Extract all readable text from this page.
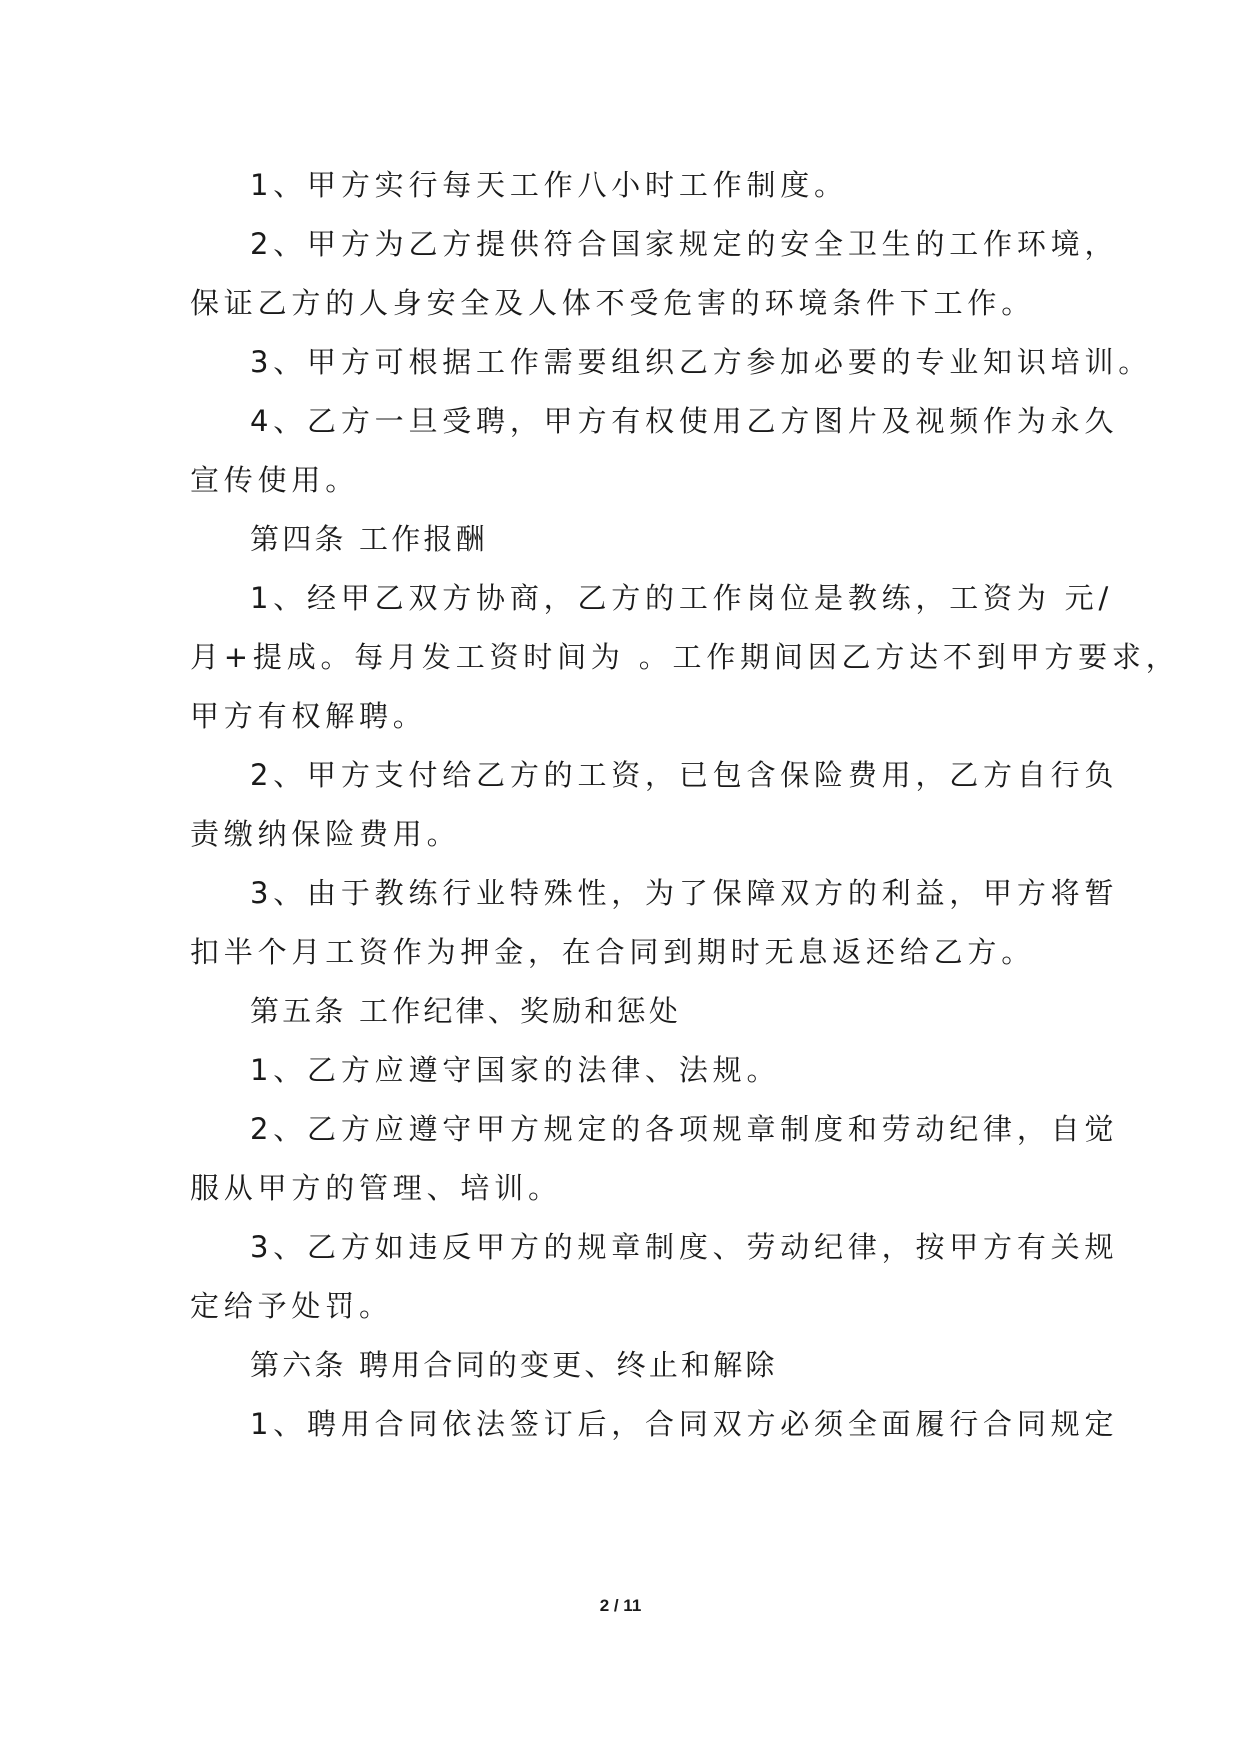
1、甲方实行每天工作八小时工作制度。
2、甲方为乙方提供符合国家规定的安全卫生的工作环境，
保证乙方的人身安全及人体不受危害的环境条件下工作。
3、甲方可根据工作需要组织乙方参加必要的专业知识培训。
4、乙方一旦受聘，甲方有权使用乙方图片及视频作为永久
宣传使用。
第四条 工作报酬
1、经甲乙双方协商，乙方的工作岗位是教练，工资为 元/
月+提成。每月发工资时间为 。工作期间因乙方达不到甲方要求，
甲方有权解聘。
2、甲方支付给乙方的工资，已包含保险费用，乙方自行负
责缴纳保险费用。
3、由于教练行业特殊性，为了保障双方的利益，甲方将暂
扣半个月工资作为押金，在合同到期时无息返还给乙方。
第五条 工作纪律、奖励和惩处
1、乙方应遵守国家的法律、法规。
2、乙方应遵守甲方规定的各项规章制度和劳动纪律，自觉
服从甲方的管理、培训。
3、乙方如违反甲方的规章制度、劳动纪律，按甲方有关规
定给予处罚。
第六条 聘用合同的变更、终止和解除
1、聘用合同依法签订后，合同双方必须全面履行合同规定
2 / 11
